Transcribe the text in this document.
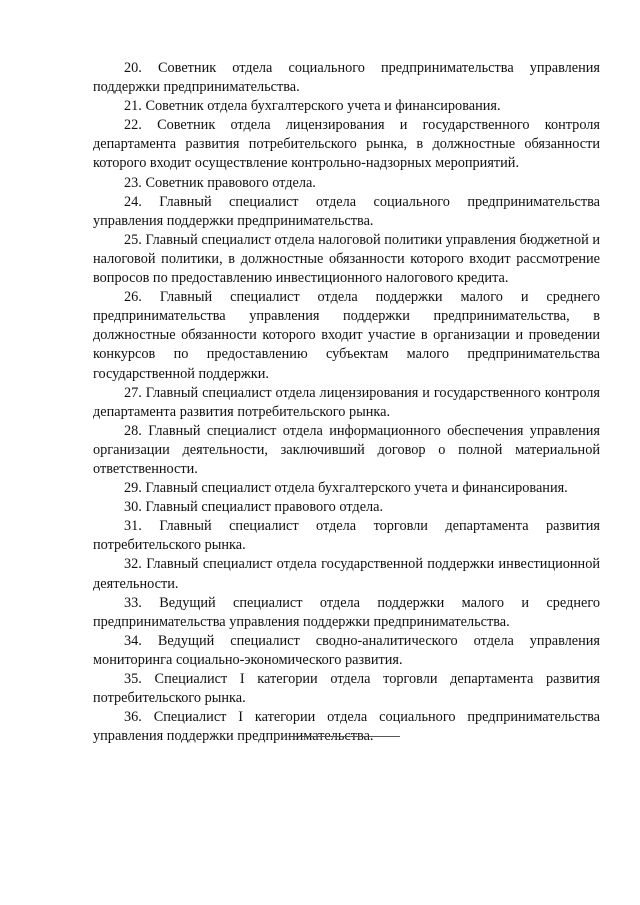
20. Советник отдела социального предпринимательства управления поддержки предпринимательства.

21. Советник отдела бухгалтерского учета и финансирования.

22. Советник отдела лицензирования и государственного контроля департамента развития потребительского рынка, в должностные обязанности которого входит осуществление контрольно-надзорных мероприятий.

23. Советник правового отдела.

24. Главный специалист отдела социального предпринимательства управления поддержки предпринимательства.

25. Главный специалист отдела налоговой политики управления бюджетной и налоговой политики, в должностные обязанности которого входит рассмотрение вопросов по предоставлению инвестиционного налогового кредита.

26. Главный специалист отдела поддержки малого и среднего предпринимательства управления поддержки предпринимательства, в должностные обязанности которого входит участие в организации и проведении конкурсов по предоставлению субъектам малого предпринимательства государственной поддержки.

27. Главный специалист отдела лицензирования и государственного контроля департамента развития потребительского рынка.

28. Главный специалист отдела информационного обеспечения управления организации деятельности, заключивший договор о полной материальной ответственности.

29. Главный специалист отдела бухгалтерского учета и финансирования.

30. Главный специалист правового отдела.

31. Главный специалист отдела торговли департамента развития потребительского рынка.

32. Главный специалист отдела государственной поддержки инвестиционной деятельности.

33. Ведущий специалист отдела поддержки малого и среднего предпринимательства управления поддержки предпринимательства.

34. Ведущий специалист сводно-аналитического отдела управления мониторинга социально-экономического развития.

35. Специалист I категории отдела торговли департамента развития потребительского рынка.

36. Специалист I категории отдела социального предпринимательства управления поддержки предпринимательства.
